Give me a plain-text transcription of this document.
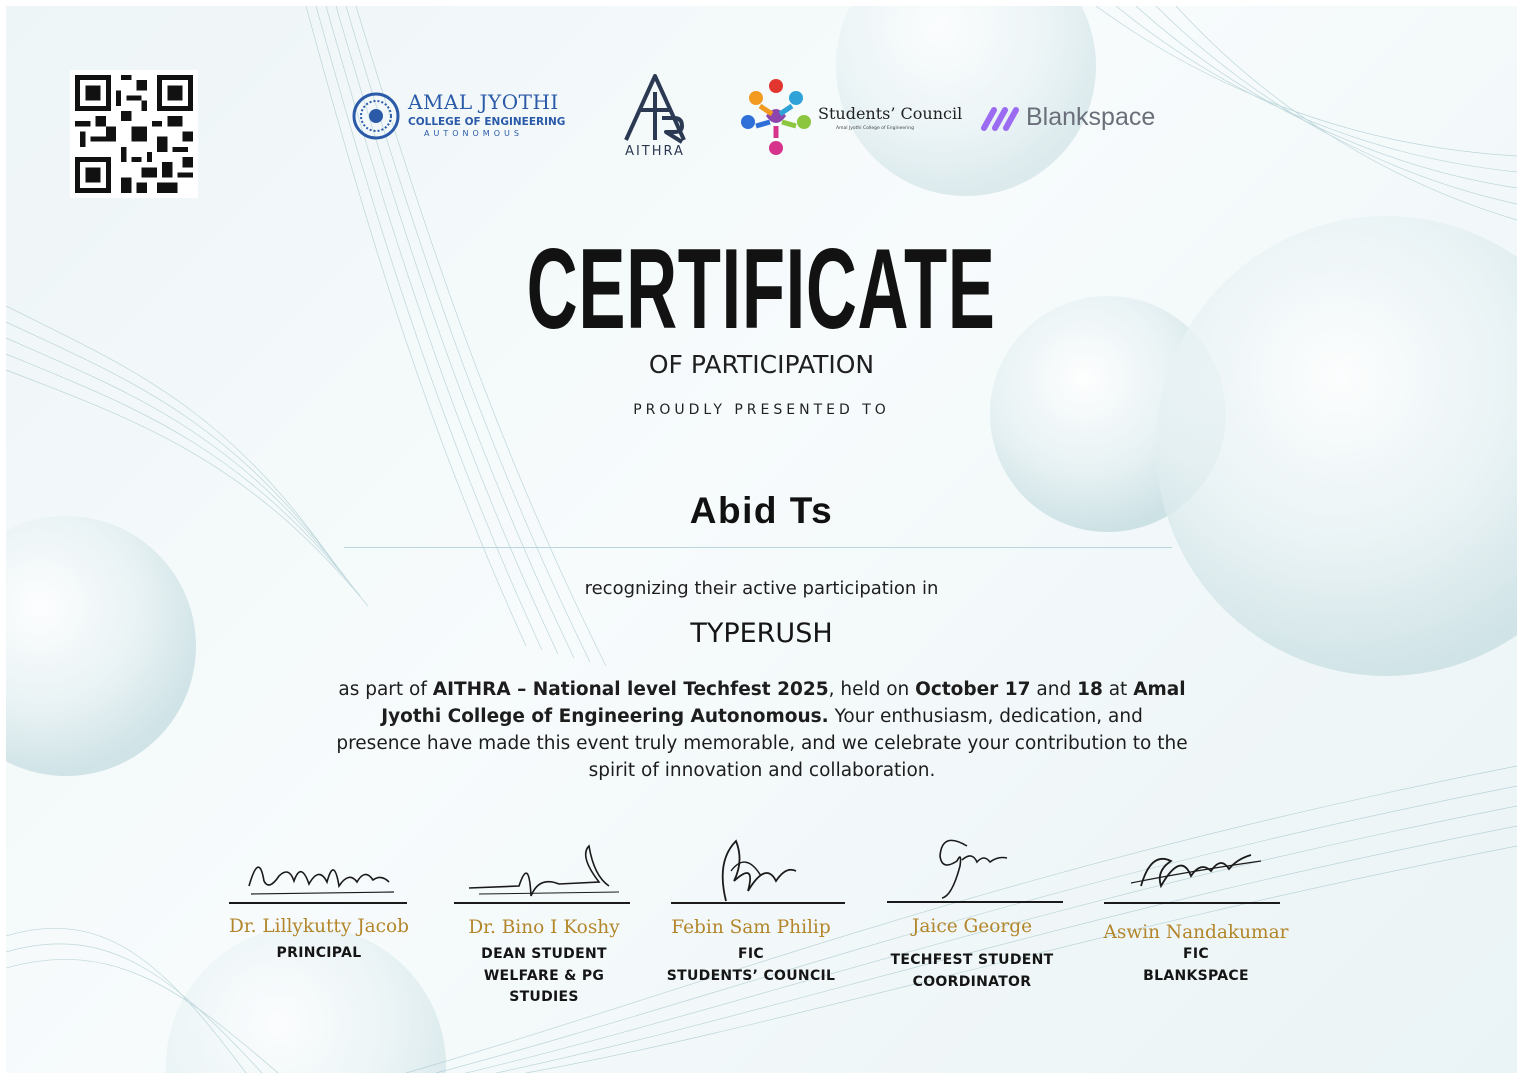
AMAL JYOTHI
COLLEGE OF ENGINEERING
AUTONOMOUS
AITHRA
Students’ Council
Amal Jyothi College of Engineering	Blankspace
CERTIFICATE
OF PARTICIPATION
PROUDLY PRESENTED TO
Abid Ts
recognizing their active participation in
TYPERUSH
as part of AITHRA – National level Techfest 2025, held on October 17 and 18 at Amal Jyothi College of Engineering Autonomous. Your enthusiasm, dedication, and presence have made this event truly memorable, and we celebrate your contribution to the spirit of innovation and collaboration.
Dr. Lillykutty Jacob
PRINCIPAL
Dr. Bino I Koshy
DEAN STUDENT
WELFARE & PG
STUDIES
Febin Sam Philip
FIC
STUDENTS’ COUNCIL
Jaice George
TECHFEST STUDENT
COORDINATOR
Aswin Nandakumar
FIC
BLANKSPACE
